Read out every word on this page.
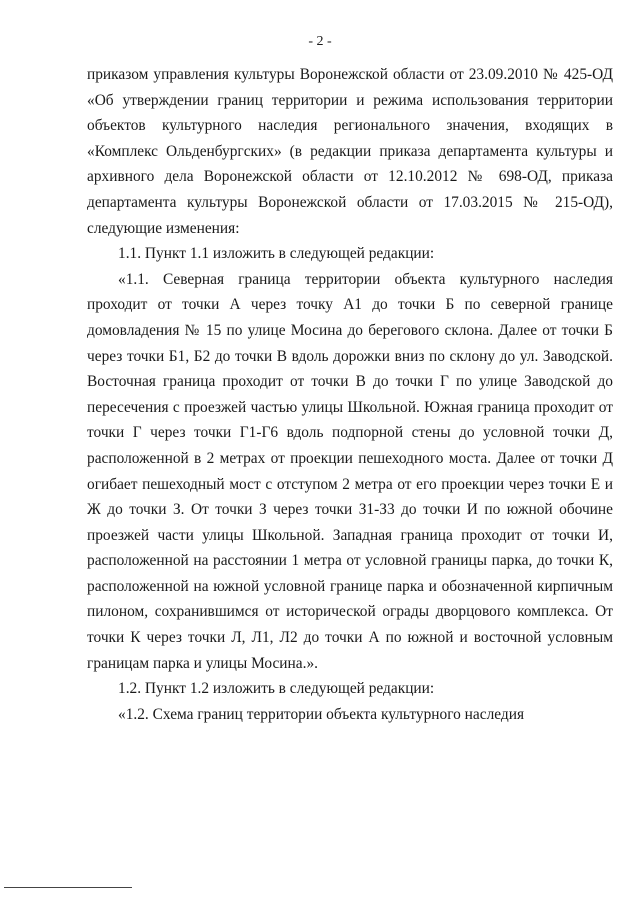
- 2 -

приказом управления культуры Воронежской области от 23.09.2010 № 425-ОД «Об утверждении границ территории и режима использования территории объектов культурного наследия регионального значения, входящих в «Комплекс Ольденбургских» (в редакции приказа департамента культуры и архивного дела Воронежской области от 12.10.2012 № 698-ОД, приказа департамента культуры Воронежской области от 17.03.2015 № 215-ОД), следующие изменения:

1.1. Пункт 1.1 изложить в следующей редакции:

«1.1. Северная граница территории объекта культурного наследия проходит от точки А через точку А1 до точки Б по северной границе домовладения № 15 по улице Мосина до берегового склона. Далее от точки Б через точки Б1, Б2 до точки В вдоль дорожки вниз по склону до ул. Заводской. Восточная граница проходит от точки В до точки Г по улице Заводской до пересечения с проезжей частью улицы Школьной. Южная граница проходит от точки Г через точки Г1-Г6 вдоль подпорной стены до условной точки Д, расположенной в 2 метрах от проекции пешеходного моста. Далее от точки Д огибает пешеходный мост с отступом 2 метра от его проекции через точки Е и Ж до точки З. От точки З через точки З1-З3 до точки И по южной обочине проезжей части улицы Школьной. Западная граница проходит от точки И, расположенной на расстоянии 1 метра от условной границы парка, до точки К, расположенной на южной условной границе парка и обозначенной кирпичным пилоном, сохранившимся от исторической ограды дворцового комплекса. От точки К через точки Л, Л1, Л2 до точки А по южной и восточной условным границам парка и улицы Мосина.».

1.2. Пункт 1.2 изложить в следующей редакции:

«1.2. Схема границ территории объекта культурного наследия
